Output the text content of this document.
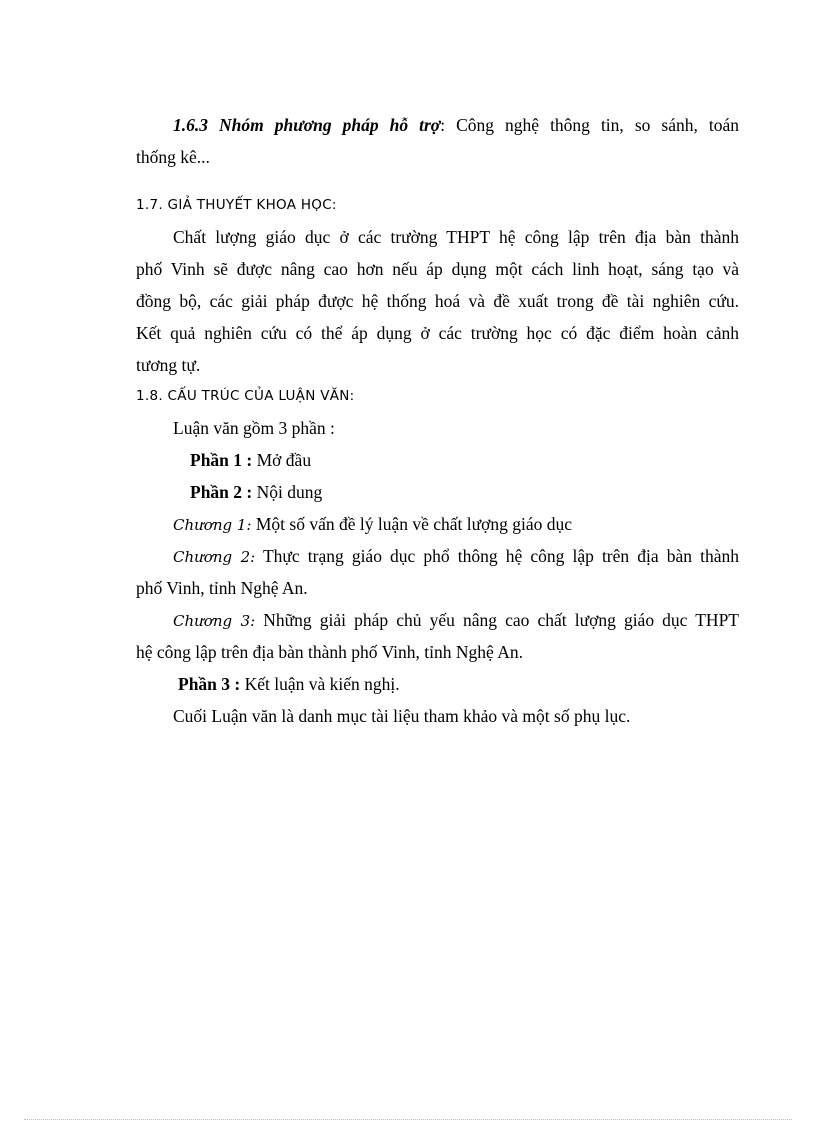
1.6.3 Nhóm phương pháp hỗ trợ: Công nghệ thông tin, so sánh, toán
thống kê...
1.7. GIẢ THUYẾT KHOA HỌC:
Chất lượng giáo dục ở các trường THPT hệ công lập trên địa bàn thành
phố Vinh sẽ được nâng cao hơn nếu áp dụng một cách linh hoạt, sáng tạo và
đồng bộ, các giải pháp được hệ thống hoá và đề xuất trong đề tài nghiên cứu.
Kết quả nghiên cứu có thể áp dụng ở các trường học có đặc điểm hoàn cảnh
tương tự.
1.8. CẤU TRÚC CỦA LUẬN VĂN:
Luận văn gồm 3 phần :
Phần 1 : Mở đầu
Phần 2 : Nội dung
Chương 1: Một số vấn đề lý luận về chất lượng giáo dục
Chương 2: Thực trạng giáo dục phổ thông hệ công lập trên địa bàn thành
phố Vinh, tỉnh Nghệ An.
Chương 3: Những giải pháp chủ yếu nâng cao chất lượng giáo dục THPT
hệ công lập trên địa bàn thành phố Vinh, tỉnh Nghệ An.
Phần 3 : Kết luận và kiến nghị.
Cuối Luận văn là danh mục tài liệu tham khảo và một số phụ lục.
